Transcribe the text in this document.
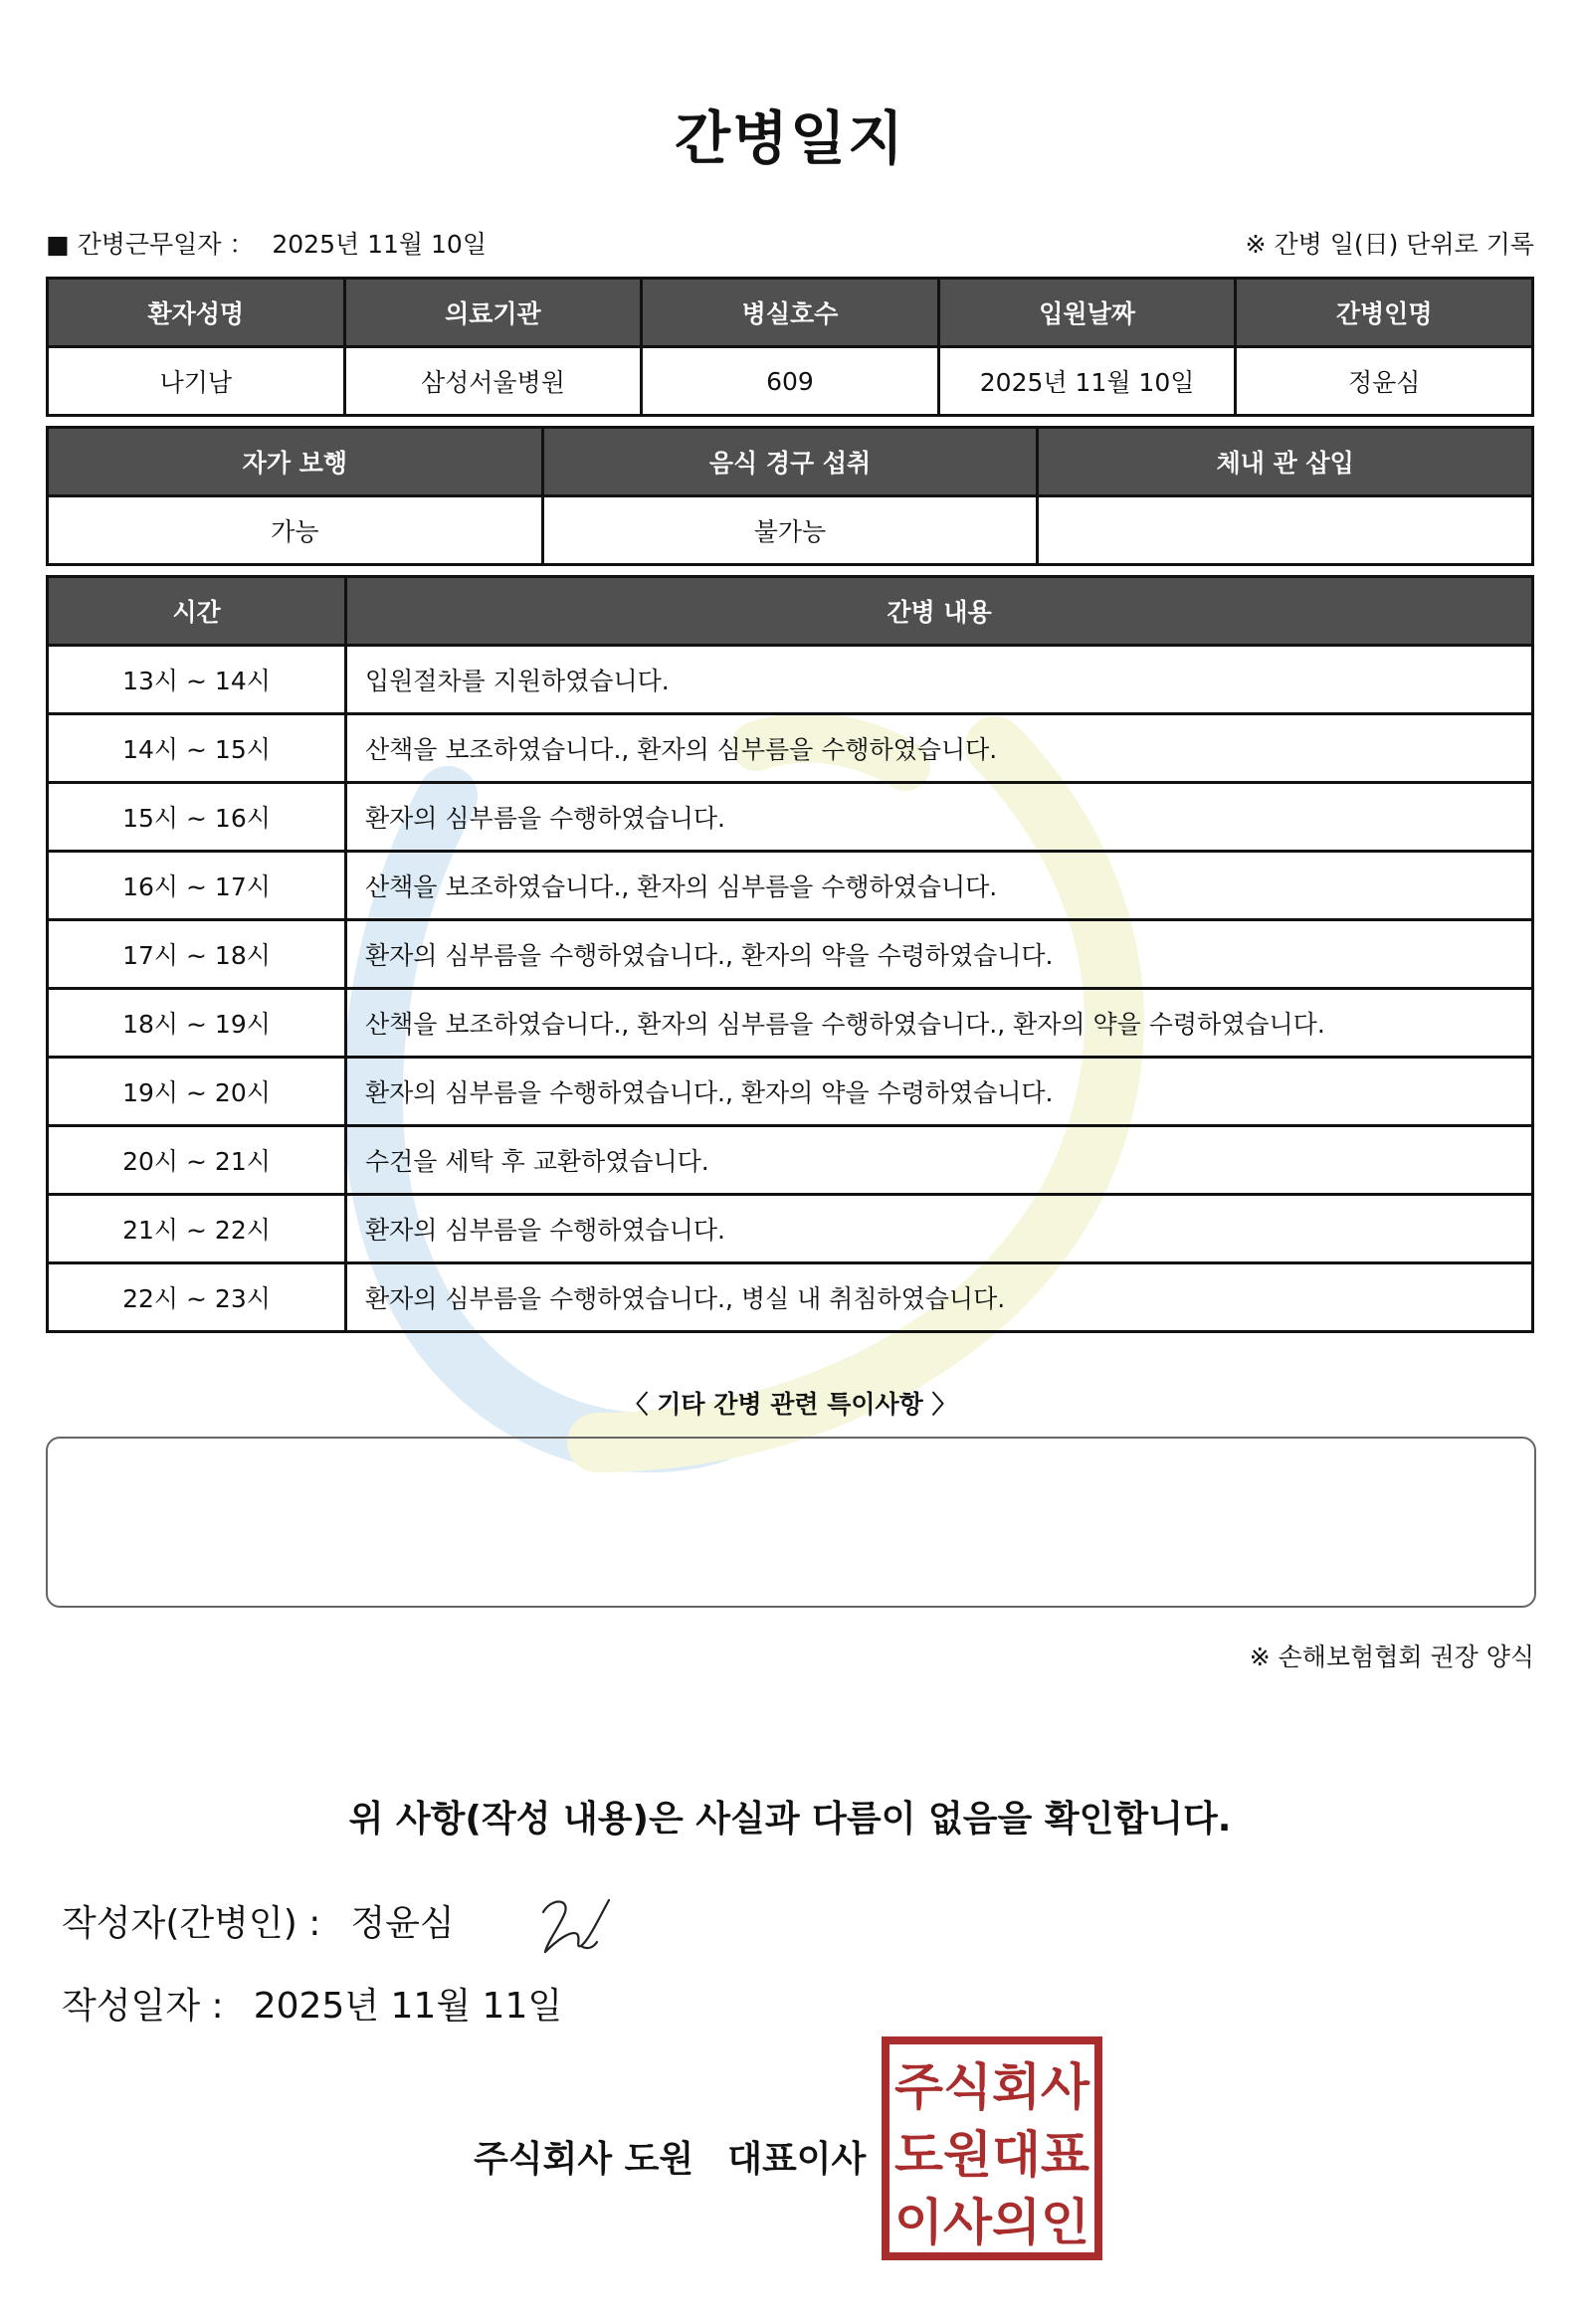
간병일지
■ 간병근무일자 ： 2025년 11월 10일	※ 간병 일(日) 단위로 기록
환자성명	의료기관	병실호수	입원날짜	간병인명
나기남	삼성서울병원	609	2025년 11월 10일	정윤심
자가 보행	음식 경구 섭취	체내 관 삽입
가능	불가능	
시간	간병 내용
13시 ~ 14시	입원절차를 지원하였습니다.
14시 ~ 15시	산책을 보조하였습니다., 환자의 심부름을 수행하였습니다.
15시 ~ 16시	환자의 심부름을 수행하였습니다.
16시 ~ 17시	산책을 보조하였습니다., 환자의 심부름을 수행하였습니다.
17시 ~ 18시	환자의 심부름을 수행하였습니다., 환자의 약을 수령하였습니다.
18시 ~ 19시	산책을 보조하였습니다., 환자의 심부름을 수행하였습니다., 환자의 약을 수령하였습니다.
19시 ~ 20시	환자의 심부름을 수행하였습니다., 환자의 약을 수령하였습니다.
20시 ~ 21시	수건을 세탁 후 교환하였습니다.
21시 ~ 22시	환자의 심부름을 수행하였습니다.
22시 ~ 23시	환자의 심부름을 수행하였습니다., 병실 내 취침하였습니다.
〈 기타 간병 관련 특이사항 〉
※ 손해보험협회 권장 양식
위 사항(작성 내용)은 사실과 다름이 없음을 확인합니다.
작성자(간병인) : 정윤심
작성일자 : 2025년 11월 11일
주식회사 도원 대표이사
주식회사
도원대표
이사의인
